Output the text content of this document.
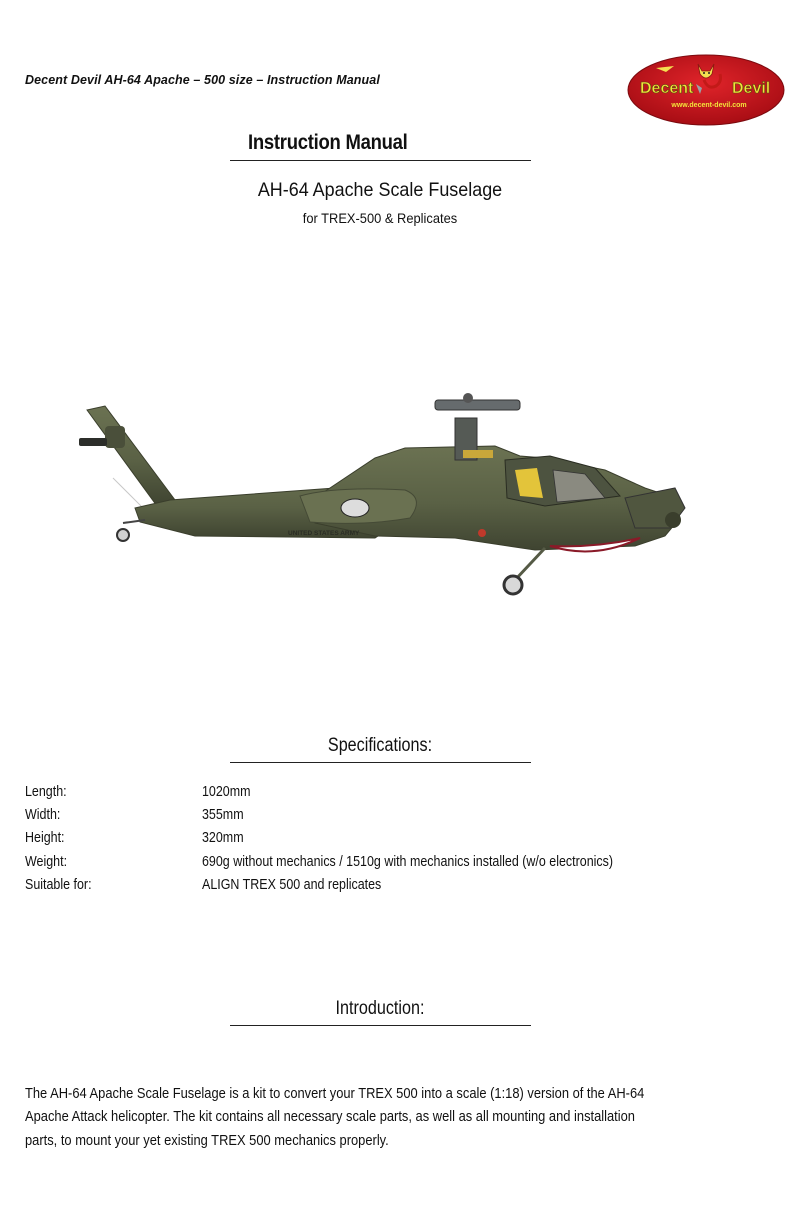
Decent Devil AH-64 Apache – 500 size – Instruction Manual	Decent Devil
www.decent-devil.com
Instruction Manual
AH-64 Apache Scale Fuselage
for TREX-500 & Replicates
UNITED STATES ARMY
Specifications:
Length:	1020mm
Width:	355mm
Height:	320mm
Weight:	690g without mechanics / 1510g with mechanics installed (w/o electronics)
Suitable for:	ALIGN TREX 500 and replicates
Introduction:
The AH-64 Apache Scale Fuselage is a kit to convert your TREX 500 into a scale (1:18) version of the AH-64
Apache Attack helicopter. The kit contains all necessary scale parts, as well as all mounting and installation
parts, to mount your yet existing TREX 500 mechanics properly.
